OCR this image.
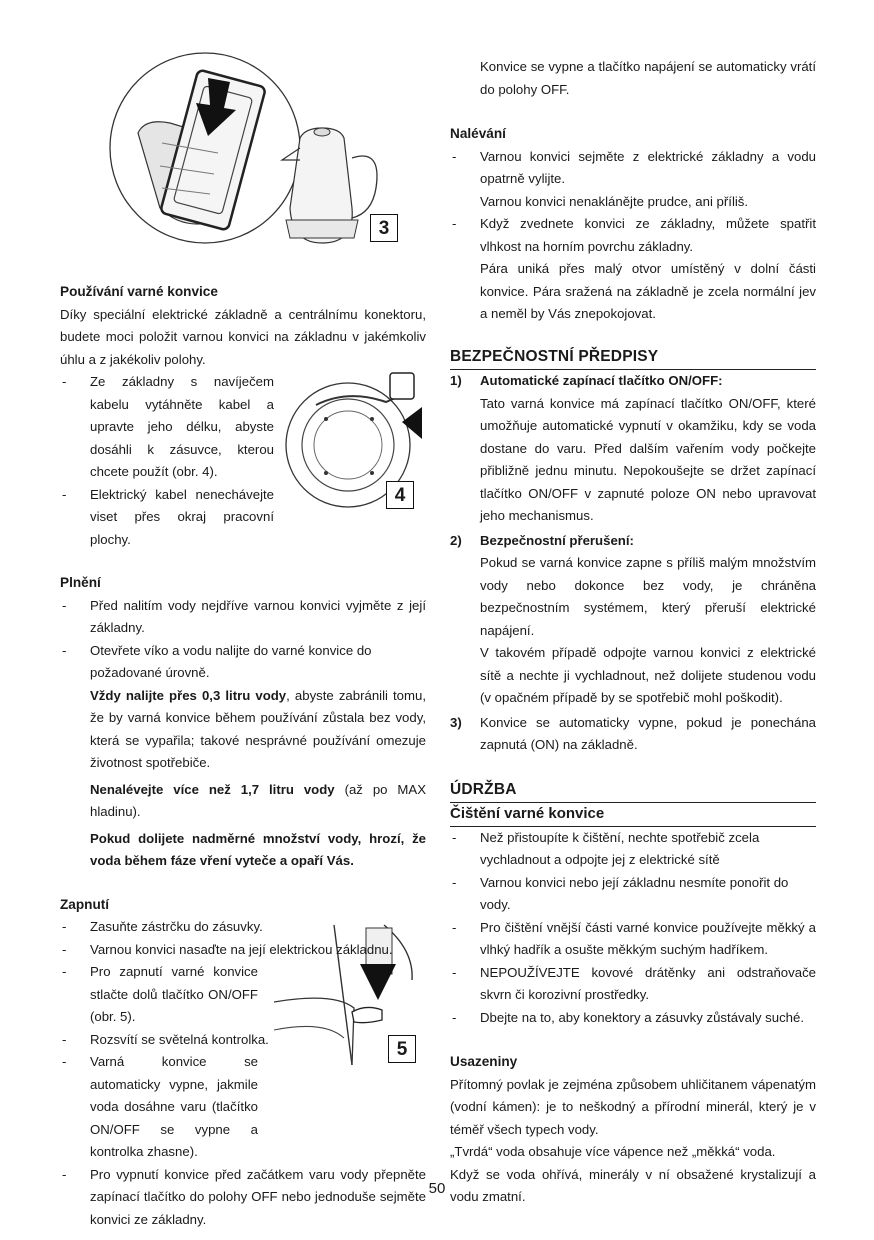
3
4
5

Používání varné konvice

Díky speciální elektrické základně a centrálnímu konektoru, budete moci položit varnou konvici na základnu v jakémkoliv úhlu a z jakékoliv polohy.

- Ze základny s navíječem kabelu vytáhněte kabel a upravte jeho délku, abyste dosáhli k zásuvce, kterou chcete použít (obr. 4).

- Elektrický kabel nenechávejte viset přes okraj pracovní plochy.

Plnění

- Před nalitím vody nejdříve varnou konvici vyjměte z její základny.

- Otevřete víko a vodu nalijte do varné konvice do požadované úrovně.

Vždy nalijte přes 0,3 litru vody, abyste zabránili tomu, že by varná konvice během používání zůstala bez vody, která se vypařila; takové nesprávné používání omezuje životnost spotřebiče.

Nenalévejte více než 1,7 litru vody (až po MAX hladinu).

Pokud dolijete nadměrné množství vody, hrozí, že voda během fáze vření vyteče a opaří Vás.

Zapnutí

- Zasuňte zástrčku do zásuvky.

- Varnou konvici nasaďte na její elektrickou základnu.

- Pro zapnutí varné konvice stlačte dolů tlačítko ON/OFF (obr. 5).

- Rozsvítí se světelná kontrolka.

- Varná konvice se automaticky vypne, jakmile voda dosáhne varu (tlačítko ON/OFF se vypne a kontrolka zhasne).

- Pro vypnutí konvice před začátkem varu vody přepněte zapínací tlačítko do polohy OFF nebo jednoduše sejměte konvici ze základny.

Konvice se vypne a tlačítko napájení se automaticky vrátí do polohy OFF.

Nalévání

- Varnou konvici sejměte z elektrické základny a vodu opatrně vylijte.

Varnou konvici nenaklánějte prudce, ani příliš.

- Když zvednete konvici ze základny, můžete spatřit vlhkost na horním povrchu základny.

Pára uniká přes malý otvor umístěný v dolní části konvice. Pára sražená na základně je zcela normální jev a neměl by Vás znepokojovat.

BEZPEČNOSTNÍ PŘEDPISY

1) Automatické zapínací tlačítko ON/OFF:

Tato varná konvice má zapínací tlačítko ON/OFF, které umožňuje automatické vypnutí v okamžiku, kdy se voda dostane do varu. Před dalším vařením vody počkejte přibližně jednu minutu. Nepokoušejte se držet zapínací tlačítko ON/OFF v zapnuté poloze ON nebo upravovat jeho mechanismus.

2) Bezpečnostní přerušení:

Pokud se varná konvice zapne s příliš malým množstvím vody nebo dokonce bez vody, je chráněna bezpečnostním systémem, který přeruší elektrické napájení.

V takovém případě odpojte varnou konvici z elektrické sítě a nechte ji vychladnout, než dolijete studenou vodu (v opačném případě by se spotřebič mohl poškodit).

3) Konvice se automaticky vypne, pokud je ponechána zapnutá (ON) na základně.

ÚDRŽBA

Čištění varné konvice

- Než přistoupíte k čištění, nechte spotřebič zcela vychladnout a odpojte jej z elektrické sítě

- Varnou konvici nebo její základnu nesmíte ponořit do vody.

- Pro čištění vnější části varné konvice používejte měkký a vlhký hadřík a osušte měkkým suchým hadříkem.

- NEPOUŽÍVEJTE kovové drátěnky ani odstraňovače skvrn či korozivní prostředky.

- Dbejte na to, aby konektory a zásuvky zůstávaly suché.

Usazeniny

Přítomný povlak je zejména způsobem uhličitanem vápenatým (vodní kámen): je to neškodný a přírodní minerál, který je v téměř všech typech vody.

„Tvrdá“ voda obsahuje více vápence než „měkká“ voda.

Když se voda ohřívá, minerály v ní obsažené krystalizují a vodu zmatní.

50
